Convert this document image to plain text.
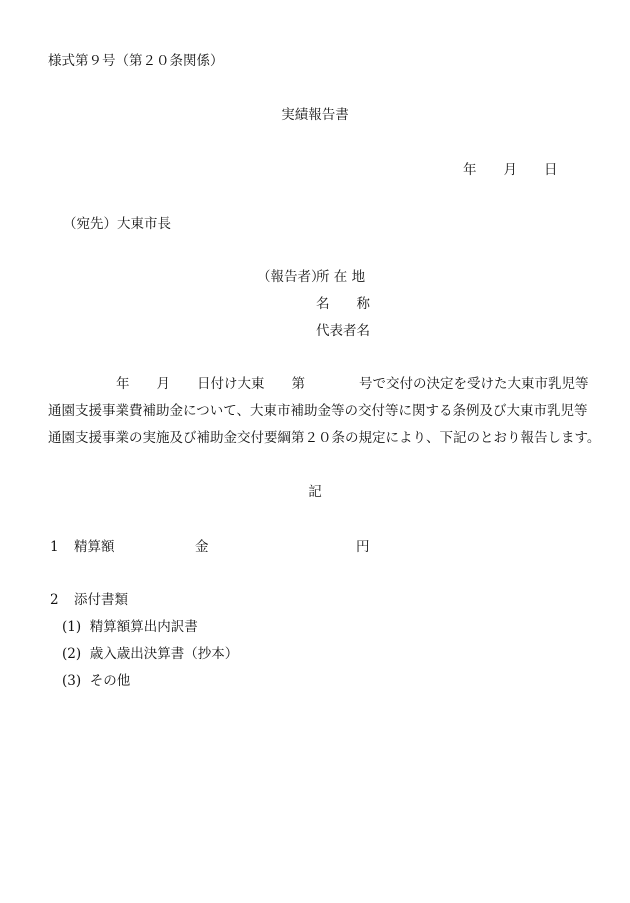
様式第９号（第２０条関係）
実績報告書
年　　月　　日
（宛先）大東市長
（報告者）
所 在 地
名　　称
代表者名
年　　月　　日付け大東　　第　　　　号で交付の決定を受けた大東市乳児等
通園支援事業費補助金について、大東市補助金等の交付等に関する条例及び大東市乳児等
通園支援事業の実施及び補助金交付要綱第２０条の規定により、下記のとおり報告します。
記
1 精算額	金	円
2 添付書類
(1)  精算額算出内訳書
(2)  歳入歳出決算書（抄本）
(3)  その他
